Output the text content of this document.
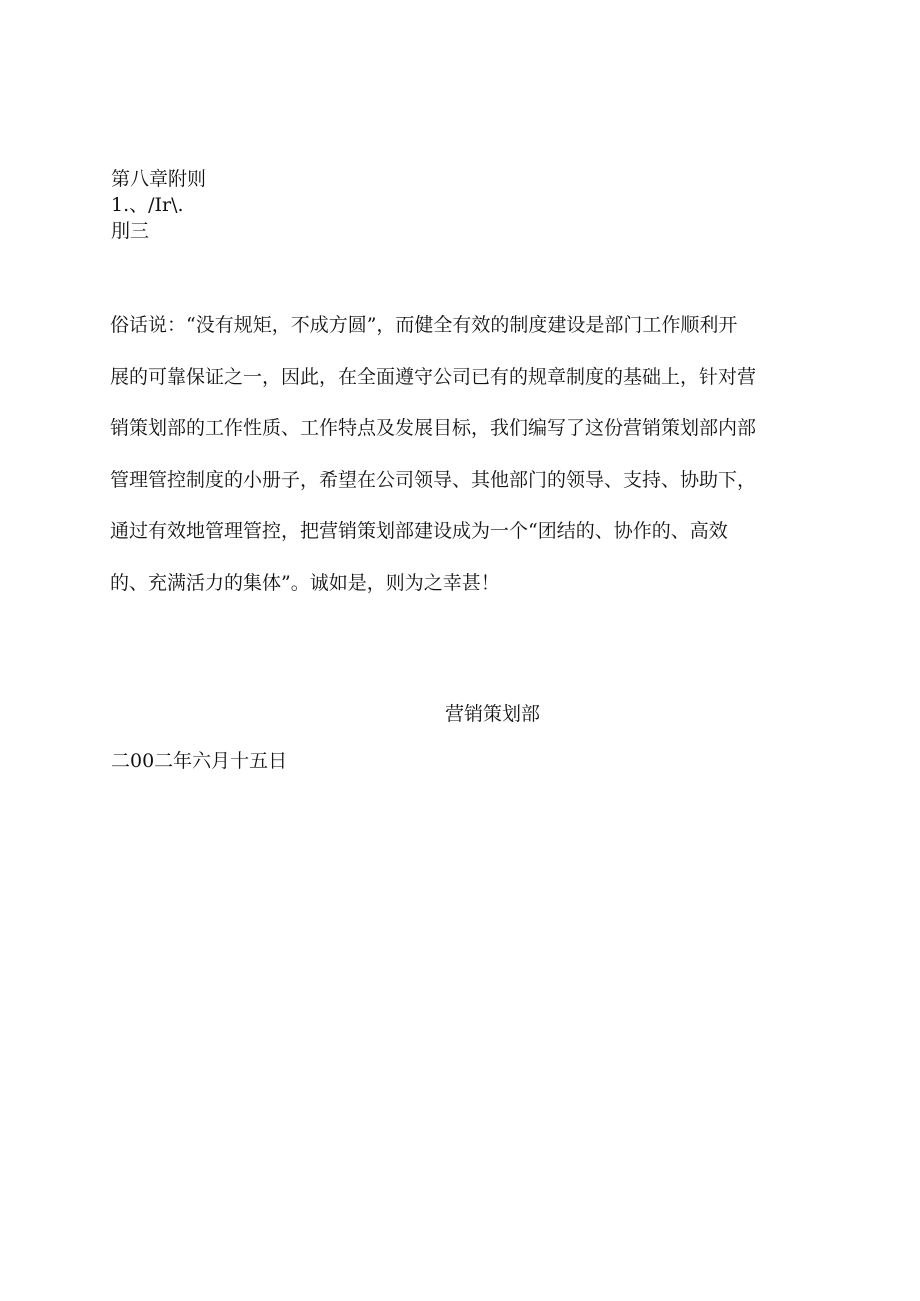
第八章附则
1.、/Ir\.
刖三
俗话说：“没有规矩，不成方圆”，而健全有效的制度建设是部门工作顺利开
展的可靠保证之一，因此，在全面遵守公司已有的规章制度的基础上，针对营
销策划部的工作性质、工作特点及发展目标，我们编写了这份营销策划部内部
管理管控制度的小册子，希望在公司领导、其他部门的领导、支持、协助下，
通过有效地管理管控，把营销策划部建设成为一个“团结的、协作的、高效
的、充满活力的集体”。诚如是，则为之幸甚！
营销策划部
二00二年六月十五日
